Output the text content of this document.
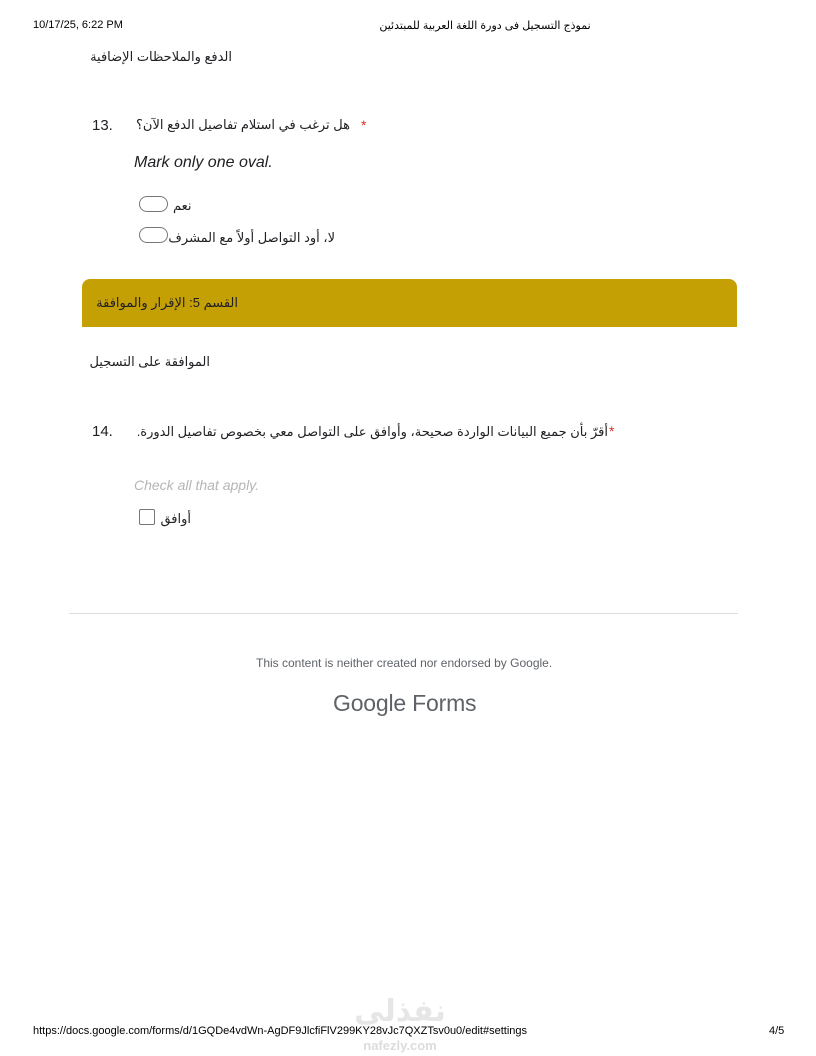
10/17/25, 6:22 PM	نموذج التسجيل فى دورة اللغة العربية للمبتدئين
الدفع والملاحظات الإضافية
13. هل ترغب في استلام تفاصيل الدفع الآن؟ *
Mark only one oval.
نعم
لا، أود التواصل أولاً مع المشرف
القسم 5: الإقرار والموافقة
الموافقة على التسجيل
14.	أقرّ بأن جميع البيانات الواردة صحيحة، وأوافق على التواصل معي بخصوص تفاصيل الدورة. *
Check all that apply.
أوافق
This content is neither created nor endorsed by Google.
Google Forms
نفذلي
nafezly.com
https://docs.google.com/forms/d/1GQDe4vdWn-AgDF9JlcfiFlV299KY28vJc7QXZTsv0u0/edit#settings	4/5
